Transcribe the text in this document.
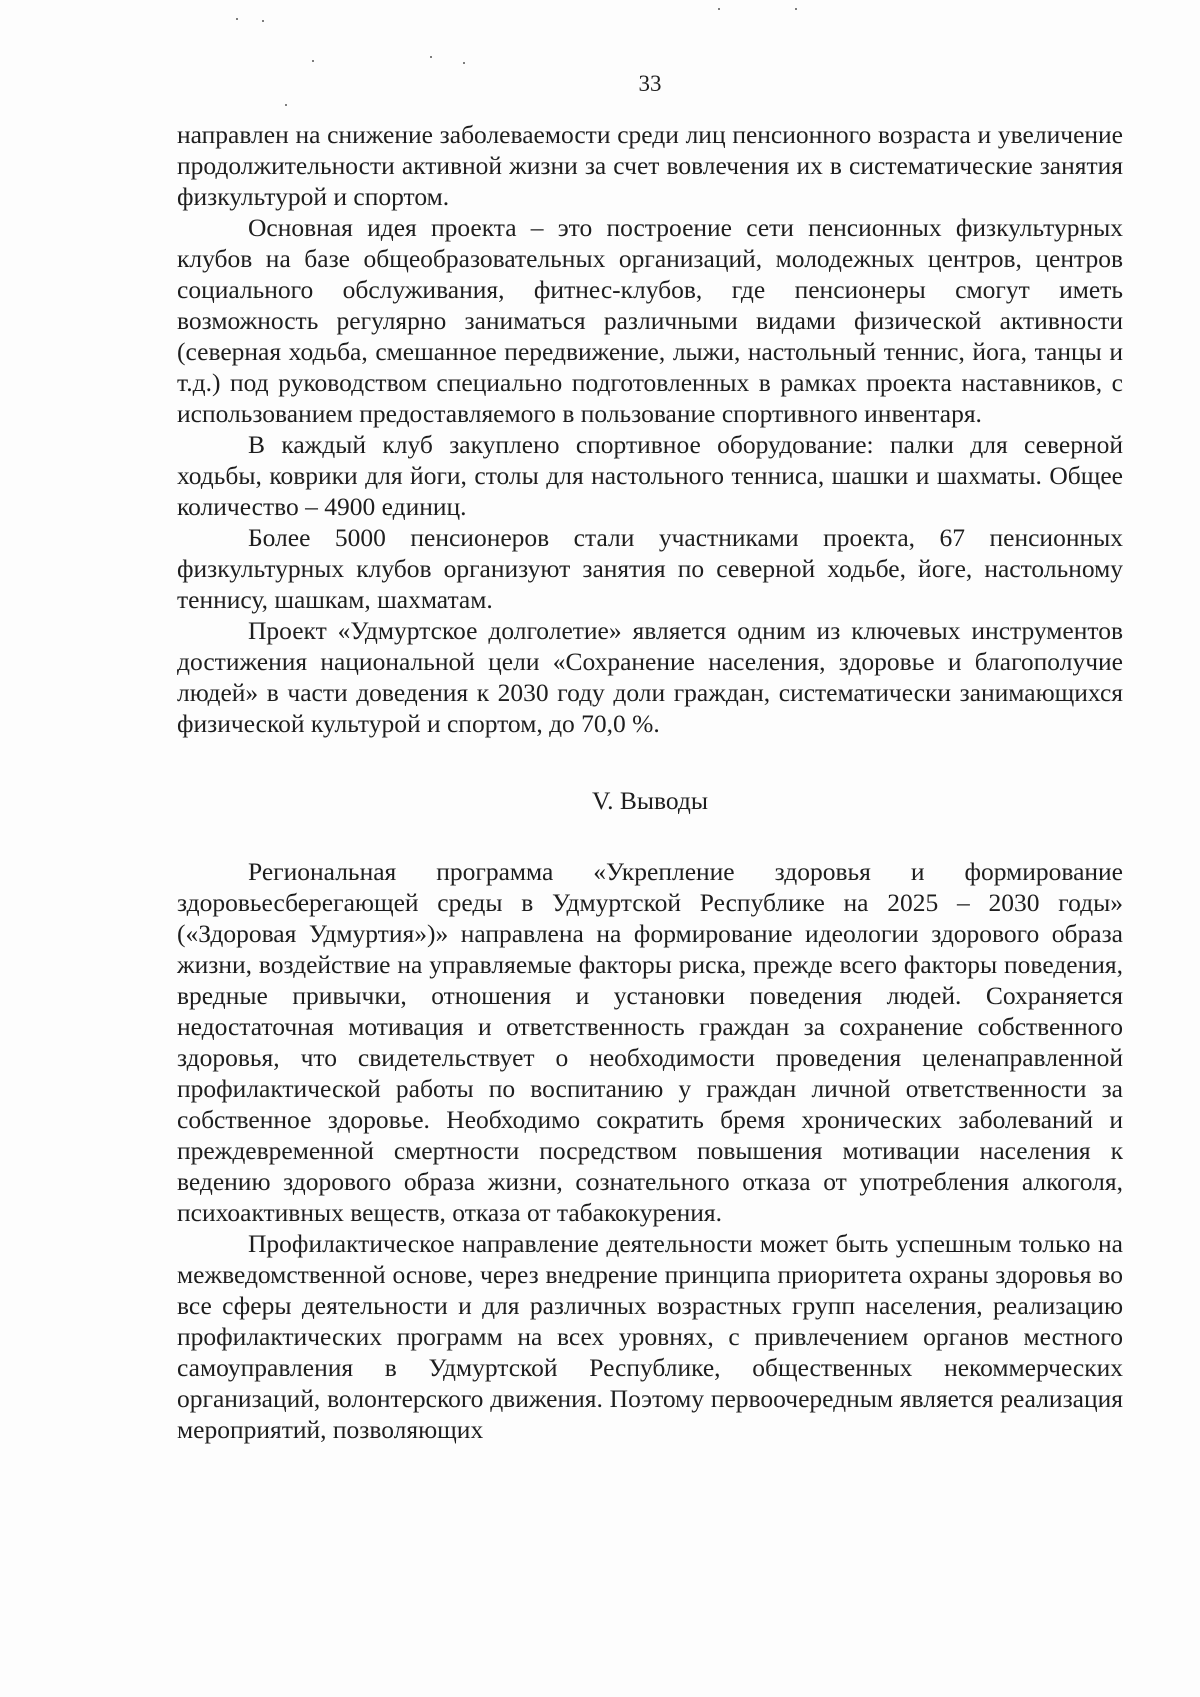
33

направлен на снижение заболеваемости среди лиц пенсионного возраста и увеличение продолжительности активной жизни за счет вовлечения их в систематические занятия физкультурой и спортом.

Основная идея проекта – это построение сети пенсионных физкультурных клубов на базе общеобразовательных организаций, молодежных центров, центров социального обслуживания, фитнес-клубов, где пенсионеры смогут иметь возможность регулярно заниматься различными видами физической активности (северная ходьба, смешанное передвижение, лыжи, настольный теннис, йога, танцы и т.д.) под руководством специально подготовленных в рамках проекта наставников, с использованием предоставляемого в пользование спортивного инвентаря.

В каждый клуб закуплено спортивное оборудование: палки для северной ходьбы, коврики для йоги, столы для настольного тенниса, шашки и шахматы. Общее количество – 4900 единиц.

Более 5000 пенсионеров стали участниками проекта, 67 пенсионных физкультурных клубов организуют занятия по северной ходьбе, йоге, настольному теннису, шашкам, шахматам.

Проект «Удмуртское долголетие» является одним из ключевых инструментов достижения национальной цели «Сохранение населения, здоровье и благополучие людей» в части доведения к 2030 году доли граждан, систематически занимающихся физической культурой и спортом, до 70,0 %.

V. Выводы

Региональная программа «Укрепление здоровья и формирование здоровьесберегающей среды в Удмуртской Республике на 2025 – 2030 годы» («Здоровая Удмуртия»)» направлена на формирование идеологии здорового образа жизни, воздействие на управляемые факторы риска, прежде всего факторы поведения, вредные привычки, отношения и установки поведения людей. Сохраняется недостаточная мотивация и ответственность граждан за сохранение собственного здоровья, что свидетельствует о необходимости проведения целенаправленной профилактической работы по воспитанию у граждан личной ответственности за собственное здоровье. Необходимо сократить бремя хронических заболеваний и преждевременной смертности посредством повышения мотивации населения к ведению здорового образа жизни, сознательного отказа от употребления алкоголя, психоактивных веществ, отказа от табакокурения.

Профилактическое направление деятельности может быть успешным только на межведомственной основе, через внедрение принципа приоритета охраны здоровья во все сферы деятельности и для различных возрастных групп населения, реализацию профилактических программ на всех уровнях, с привлечением органов местного самоуправления в Удмуртской Республике, общественных некоммерческих организаций, волонтерского движения. Поэтому первоочередным является реализация мероприятий, позволяющих
